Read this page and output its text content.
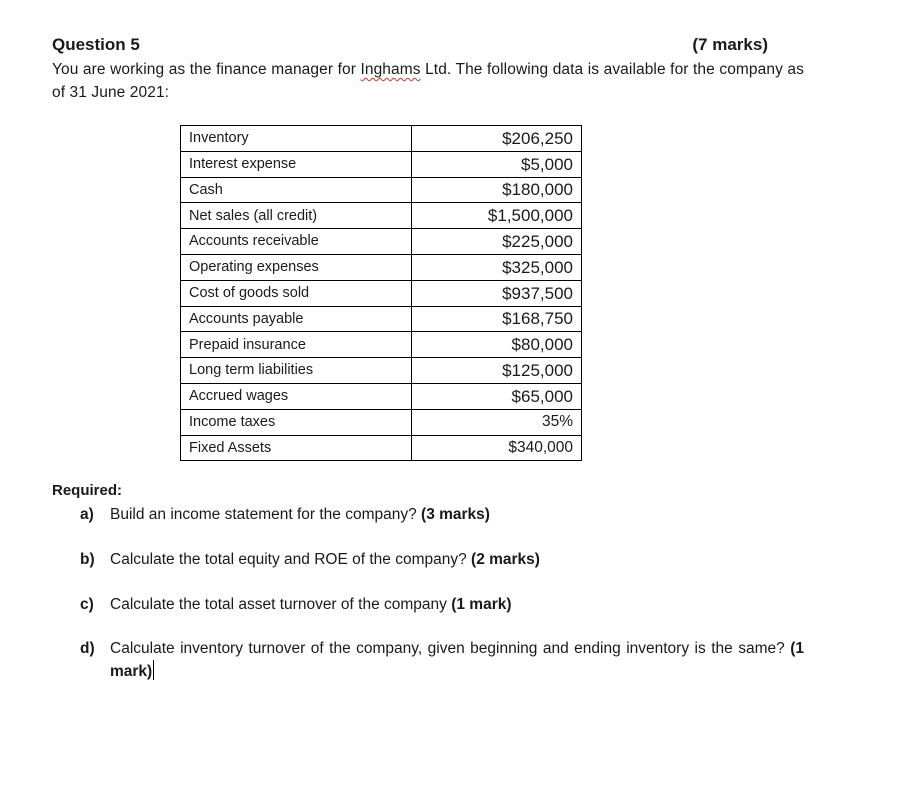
Question 5	(7 marks)
You are working as the finance manager for Inghams Ltd. The following data is available for the company as of 31 June 2021:
Inventory	$206,250
Interest expense	$5,000
Cash	$180,000
Net sales (all credit)	$1,500,000
Accounts receivable	$225,000
Operating expenses	$325,000
Cost of goods sold	$937,500
Accounts payable	$168,750
Prepaid insurance	$80,000
Long term liabilities	$125,000
Accrued wages	$65,000
Income taxes	35%
Fixed Assets	$340,000
Required:
a)	Build an income statement for the company? (3 marks)
b) Calculate the total equity and ROE of the company? (2 marks)
c)	Calculate the total asset turnover of the company (1 mark)
d) Calculate inventory turnover of the company, given beginning and ending inventory is the same? (1 mark)
